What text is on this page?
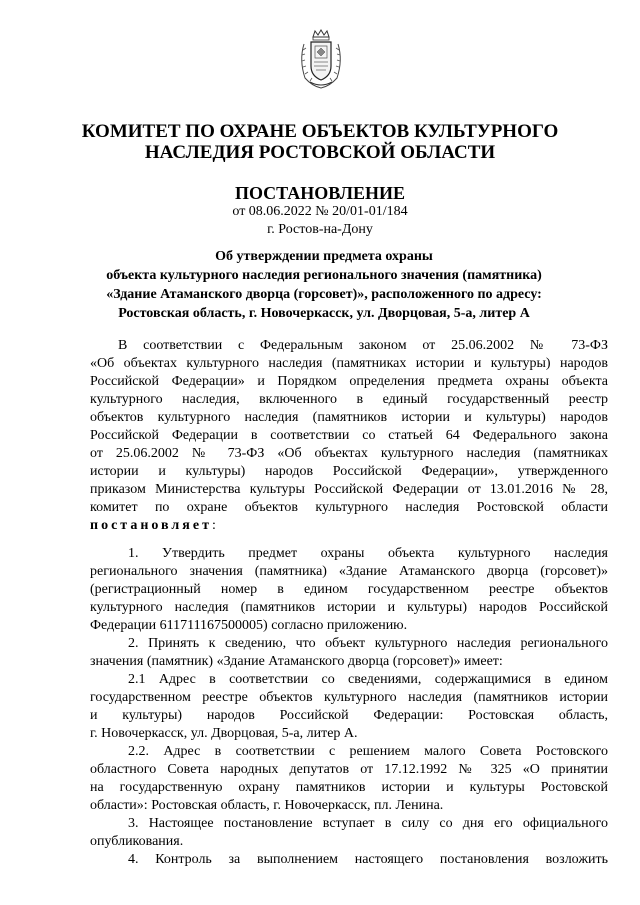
КОМИТЕТ ПО ОХРАНЕ ОБЪЕКТОВ КУЛЬТУРНОГО
НАСЛЕДИЯ РОСТОВСКОЙ ОБЛАСТИ
ПОСТАНОВЛЕНИЕ
от 08.06.2022 № 20/01-01/184
г. Ростов-на-Дону
Об утверждении предмета охраны
объекта культурного наследия регионального значения (памятника)
«Здание Атаманского дворца (горсовет)», расположенного по адресу:
Ростовская область, г. Новочеркасск, ул. Дворцовая, 5-а, литер А
В соответствии с Федеральным законом от 25.06.2002 № 73-ФЗ
«Об объектах культурного наследия (памятниках истории и культуры) народов
Российской Федерации» и Порядком определения предмета охраны объекта
культурного наследия, включенного в единый государственный реестр
объектов культурного наследия (памятников истории и культуры) народов
Российской Федерации в соответствии со статьей 64 Федерального закона
от 25.06.2002 № 73-ФЗ «Об объектах культурного наследия (памятниках
истории и культуры) народов Российской Федерации», утвержденного
приказом Министерства культуры Российской Федерации от 13.01.2016 № 28,
комитет по охране объектов культурного наследия Ростовской области
постановляет:
1. Утвердить предмет охраны объекта культурного наследия
регионального значения (памятника) «Здание Атаманского дворца (горсовет)»
(регистрационный номер в едином государственном реестре объектов
культурного наследия (памятников истории и культуры) народов Российской
Федерации 611711167500005) согласно приложению.
2. Принять к сведению, что объект культурного наследия регионального
значения (памятник) «Здание Атаманского дворца (горсовет)» имеет:
2.1 Адрес в соответствии со сведениями, содержащимися в едином
государственном реестре объектов культурного наследия (памятников истории
и культуры) народов Российской Федерации: Ростовская область,
г. Новочеркасск, ул. Дворцовая, 5-а, литер А.
2.2. Адрес в соответствии с решением малого Совета Ростовского
областного Совета народных депутатов от 17.12.1992 № 325 «О принятии
на государственную охрану памятников истории и культуры Ростовской
области»: Ростовская область, г. Новочеркасск, пл. Ленина.
3. Настоящее постановление вступает в силу со дня его официального
опубликования.
4. Контроль за выполнением настоящего постановления возложить
